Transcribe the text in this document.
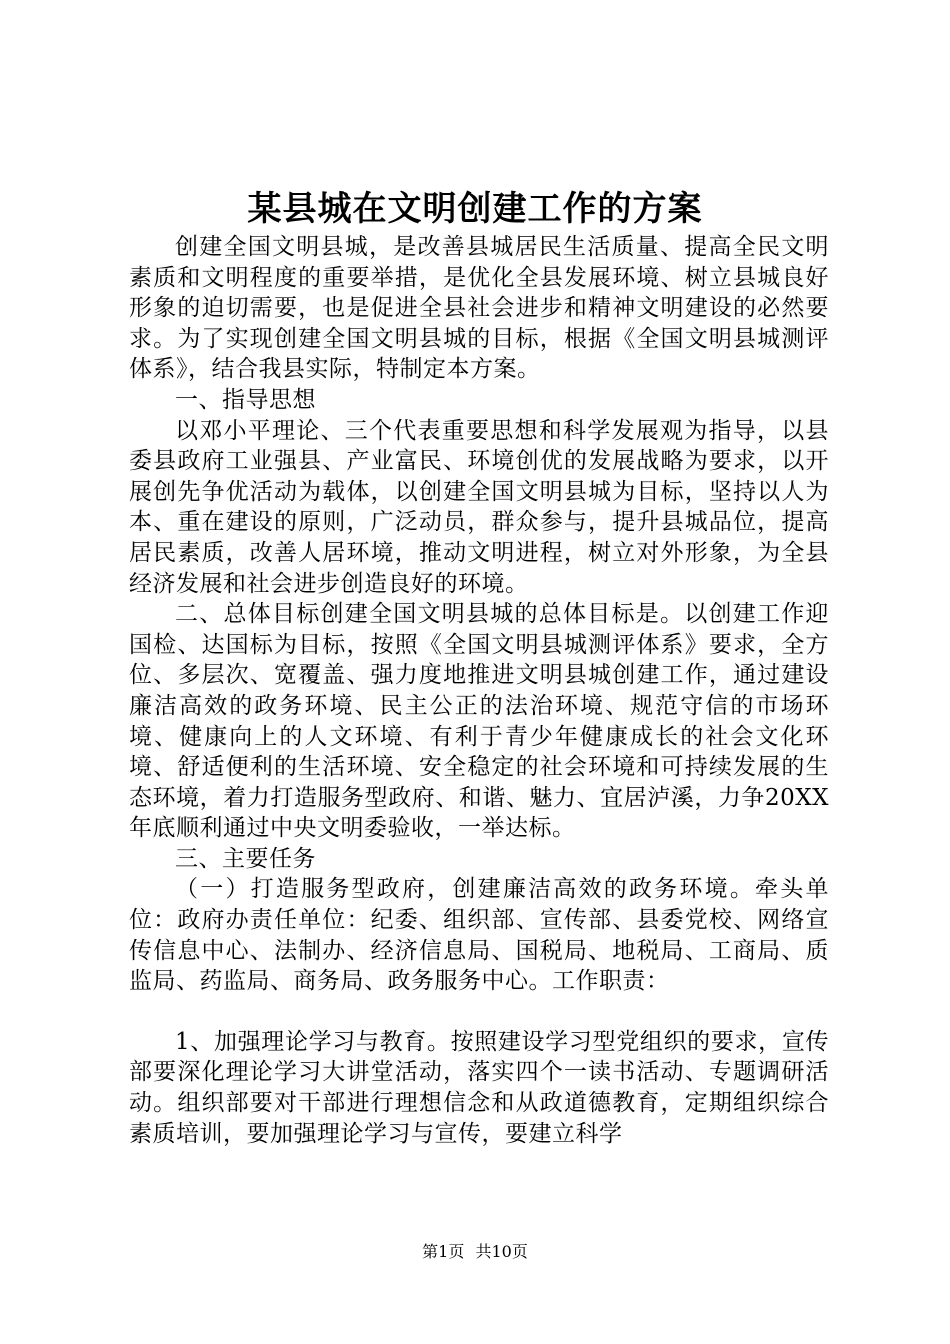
某县城在文明创建工作的方案

创建全国文明县城，是改善县城居民生活质量、提高全民文明素质和文明程度的重要举措，是优化全县发展环境、树立县城良好形象的迫切需要，也是促进全县社会进步和精神文明建设的必然要求。为了实现创建全国文明县城的目标，根据《全国文明县城测评体系》，结合我县实际，特制定本方案。

一、指导思想

以邓小平理论、三个代表重要思想和科学发展观为指导，以县委县政府工业强县、产业富民、环境创优的发展战略为要求，以开展创先争优活动为载体，以创建全国文明县城为目标，坚持以人为本、重在建设的原则，广泛动员，群众参与，提升县城品位，提高居民素质，改善人居环境，推动文明进程，树立对外形象，为全县经济发展和社会进步创造良好的环境。

二、总体目标创建全国文明县城的总体目标是。以创建工作迎国检、达国标为目标，按照《全国文明县城测评体系》要求，全方位、多层次、宽覆盖、强力度地推进文明县城创建工作，通过建设廉洁高效的政务环境、民主公正的法治环境、规范守信的市场环境、健康向上的人文环境、有利于青少年健康成长的社会文化环境、舒适便利的生活环境、安全稳定的社会环境和可持续发展的生态环境，着力打造服务型政府、和谐、魅力、宜居泸溪，力争20XX年底顺利通过中央文明委验收，一举达标。

三、主要任务

（一）打造服务型政府，创建廉洁高效的政务环境。牵头单位：政府办责任单位：纪委、组织部、宣传部、县委党校、网络宣传信息中心、法制办、经济信息局、国税局、地税局、工商局、质监局、药监局、商务局、政务服务中心。工作职责：

1、加强理论学习与教育。按照建设学习型党组织的要求，宣传部要深化理论学习大讲堂活动，落实四个一读书活动、专题调研活动。组织部要对干部进行理想信念和从政道德教育，定期组织综合素质培训，要加强理论学习与宣传，要建立科学

第1页 共10页
